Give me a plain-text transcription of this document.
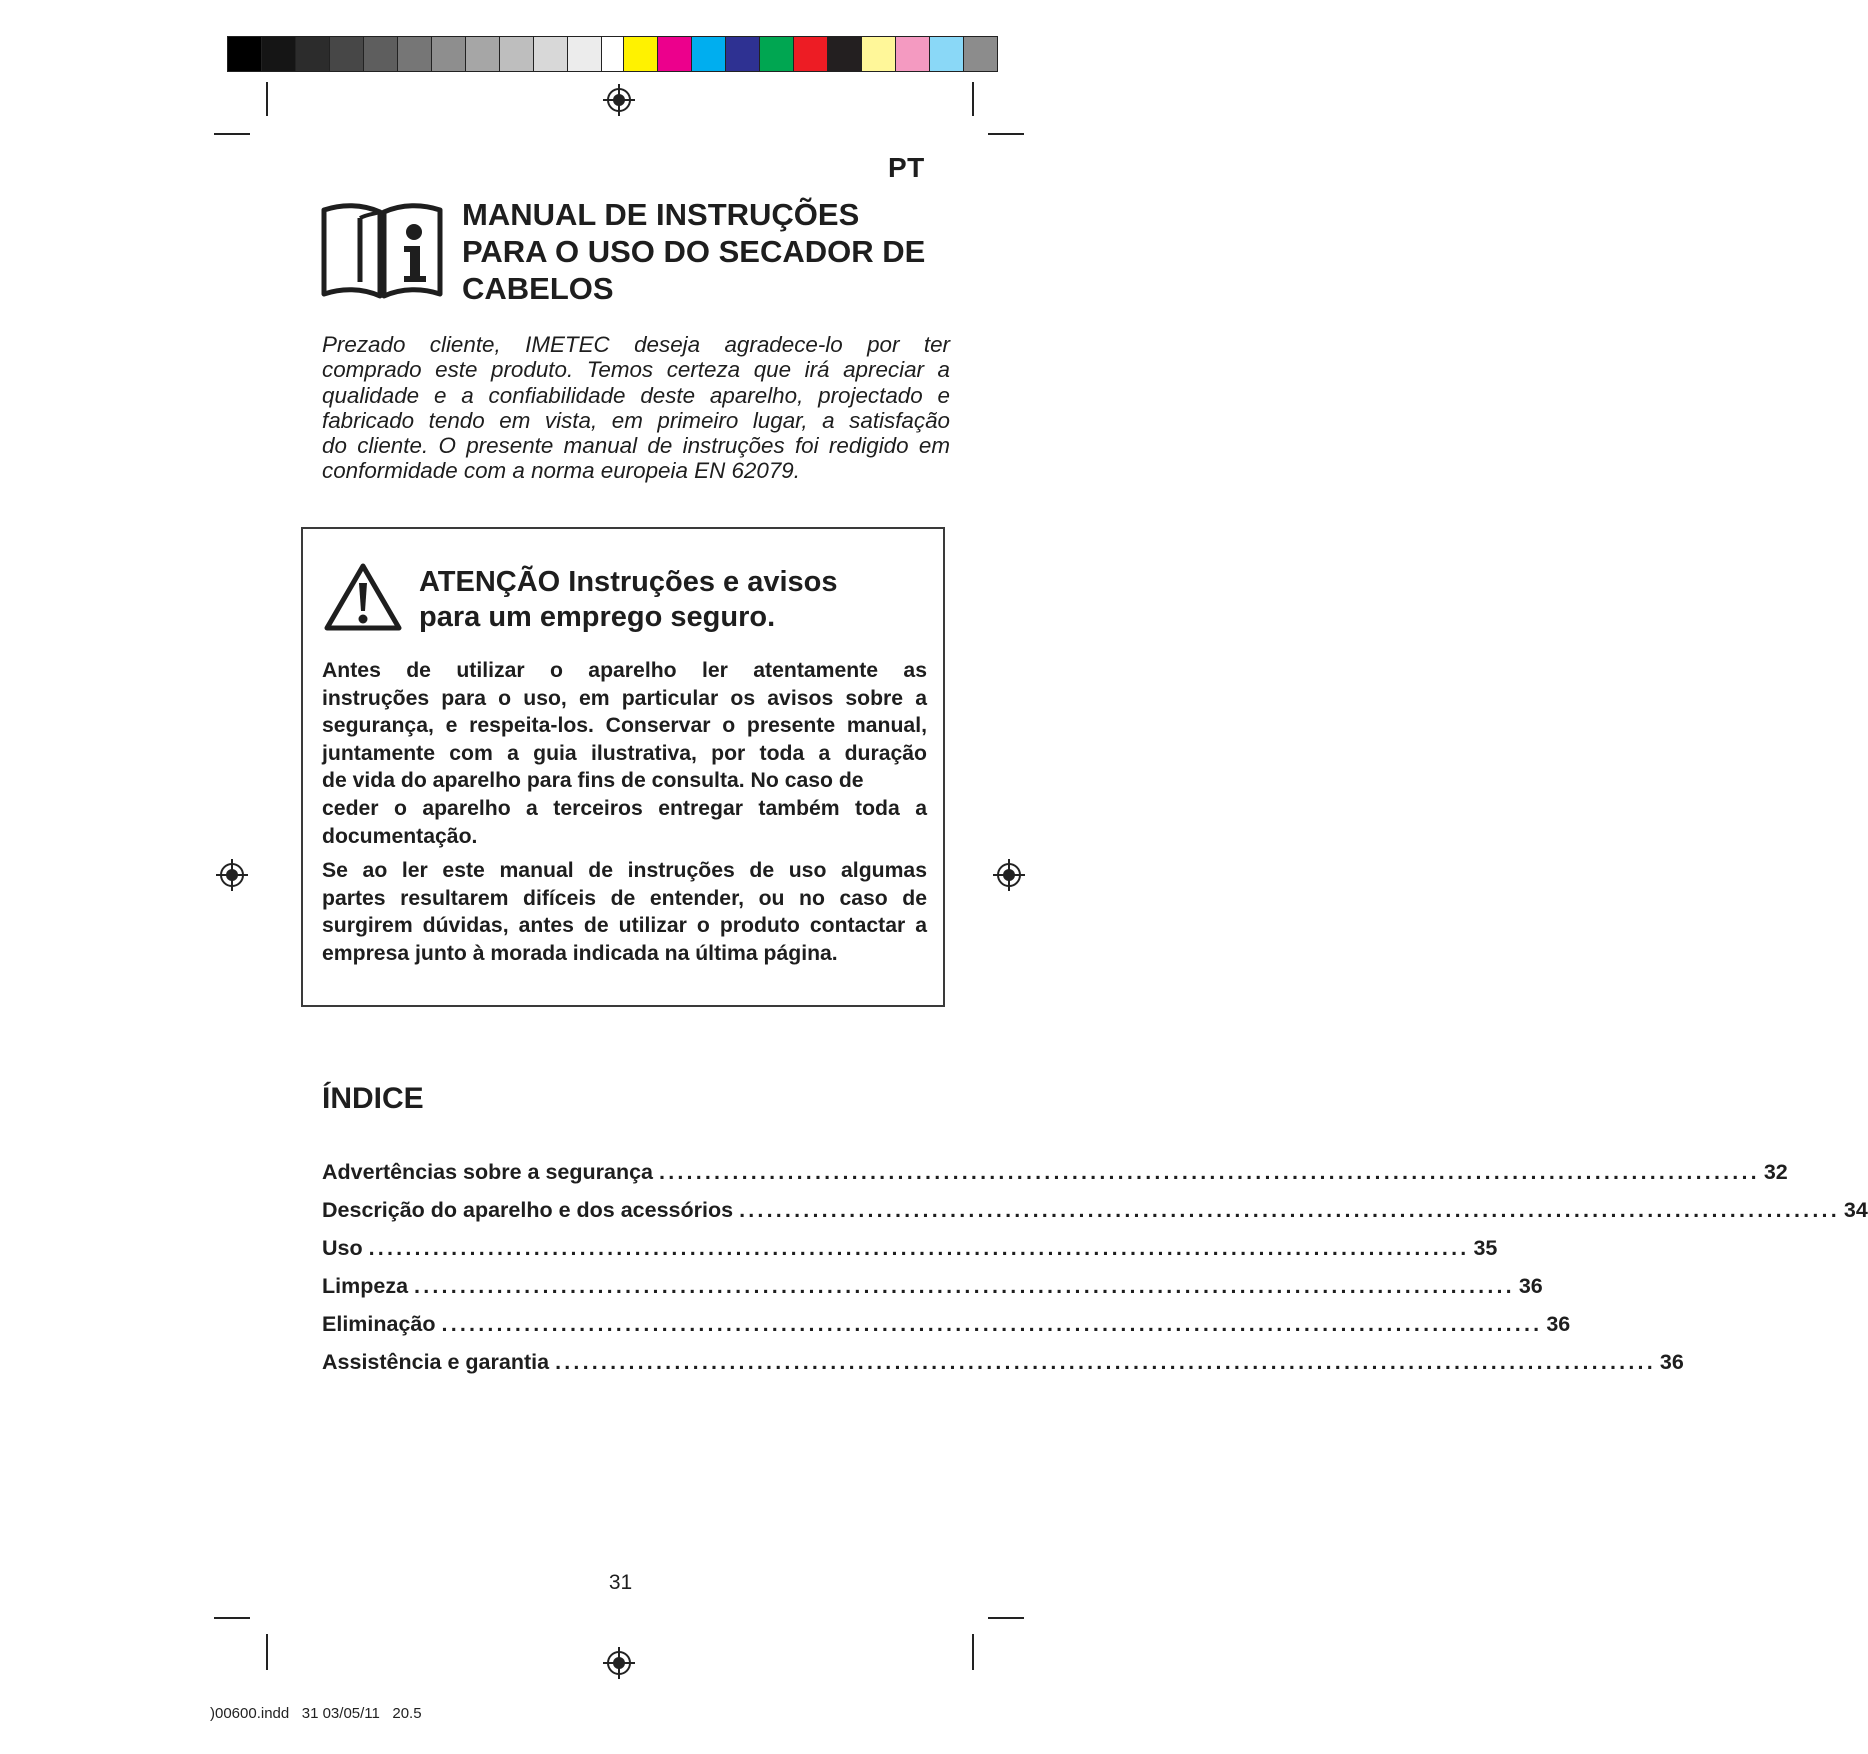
PT
MANUAL DE INSTRUÇÕES
PARA O USO DO SECADOR DE
CABELOS

Prezado cliente, IMETEC deseja agradece-lo por ter
comprado este produto. Temos certeza que irá apreciar a
qualidade e a confiabilidade deste aparelho, projectado e
fabricado tendo em vista, em primeiro lugar, a satisfação
do cliente. O presente manual de instruções foi redigido em
conformidade com a norma europeia EN 62079.

ATENÇÃO Instruções e avisos
para um emprego seguro.

Antes de utilizar o aparelho ler atentamente as
instruções para o uso, em particular os avisos sobre a
segurança, e respeita-los. Conservar o presente manual,
juntamente com a guia ilustrativa, por toda a duração
de vida do aparelho para fins de consulta. No caso de
ceder o aparelho a terceiros entregar também toda a
documentação.

Se ao ler este manual de instruções de uso algumas
partes resultarem difíceis de entender, ou no caso de
surgirem dúvidas, antes de utilizar o produto contactar a
empresa junto à morada indicada na última página.

ÍNDICE
Advertências sobre a segurança ........................................................................................................................ 32
Descrição do aparelho e dos acessórios ........................................................................................................................ 34
Uso ........................................................................................................................ 35
Limpeza ........................................................................................................................ 36
Eliminação ........................................................................................................................ 36
Assistência e garantia ........................................................................................................................ 36
31
)00600.indd   31 03/05/11   20.5
